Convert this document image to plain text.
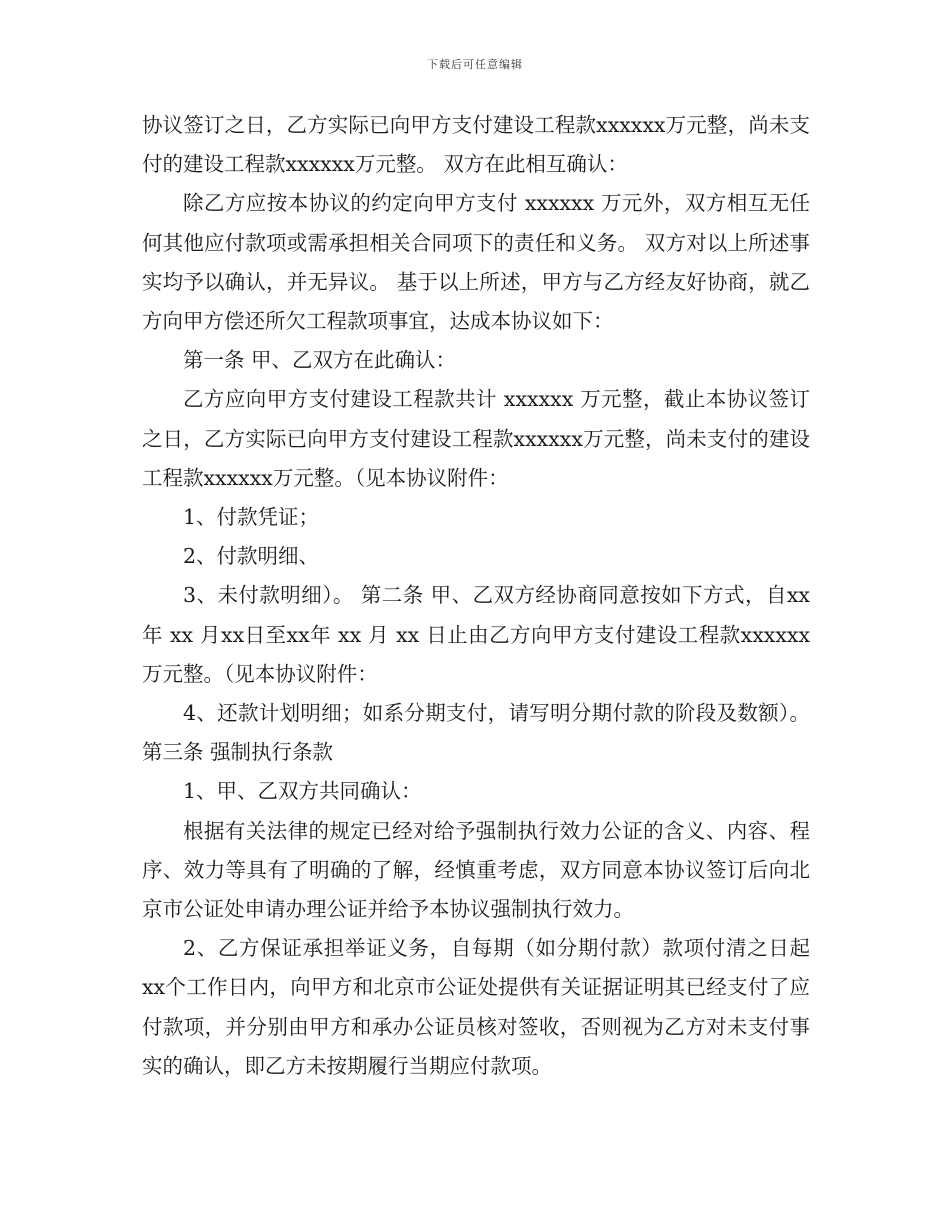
下载后可任意编辑

协议签订之日，乙方实际已向甲方支付建设工程款xxxxxx万元整，尚未支付的建设工程款xxxxxx万元整。 双方在此相互确认：

除乙方应按本协议的约定向甲方支付 xxxxxx 万元外，双方相互无任何其他应付款项或需承担相关合同项下的责任和义务。 双方对以上所述事实均予以确认，并无异议。 基于以上所述，甲方与乙方经友好协商，就乙方向甲方偿还所欠工程款项事宜，达成本协议如下：

第一条 甲、乙双方在此确认：

乙方应向甲方支付建设工程款共计 xxxxxx 万元整，截止本协议签订之日，乙方实际已向甲方支付建设工程款xxxxxx万元整，尚未支付的建设工程款xxxxxx万元整。（见本协议附件：

1、付款凭证；

2、付款明细、

3、未付款明细）。 第二条 甲、乙双方经协商同意按如下方式，自xx年 xx 月xx日至xx年 xx 月 xx 日止由乙方向甲方支付建设工程款xxxxxx万元整。（见本协议附件：

4、还款计划明细；如系分期支付，请写明分期付款的阶段及数额）。 第三条 强制执行条款

1、甲、乙双方共同确认：

根据有关法律的规定已经对给予强制执行效力公证的含义、内容、程序、效力等具有了明确的了解，经慎重考虑，双方同意本协议签订后向北京市公证处申请办理公证并给予本协议强制执行效力。

2、乙方保证承担举证义务，自每期（如分期付款）款项付清之日起xx个工作日内，向甲方和北京市公证处提供有关证据证明其已经支付了应付款项，并分别由甲方和承办公证员核对签收，否则视为乙方对未支付事实的确认，即乙方未按期履行当期应付款项。
